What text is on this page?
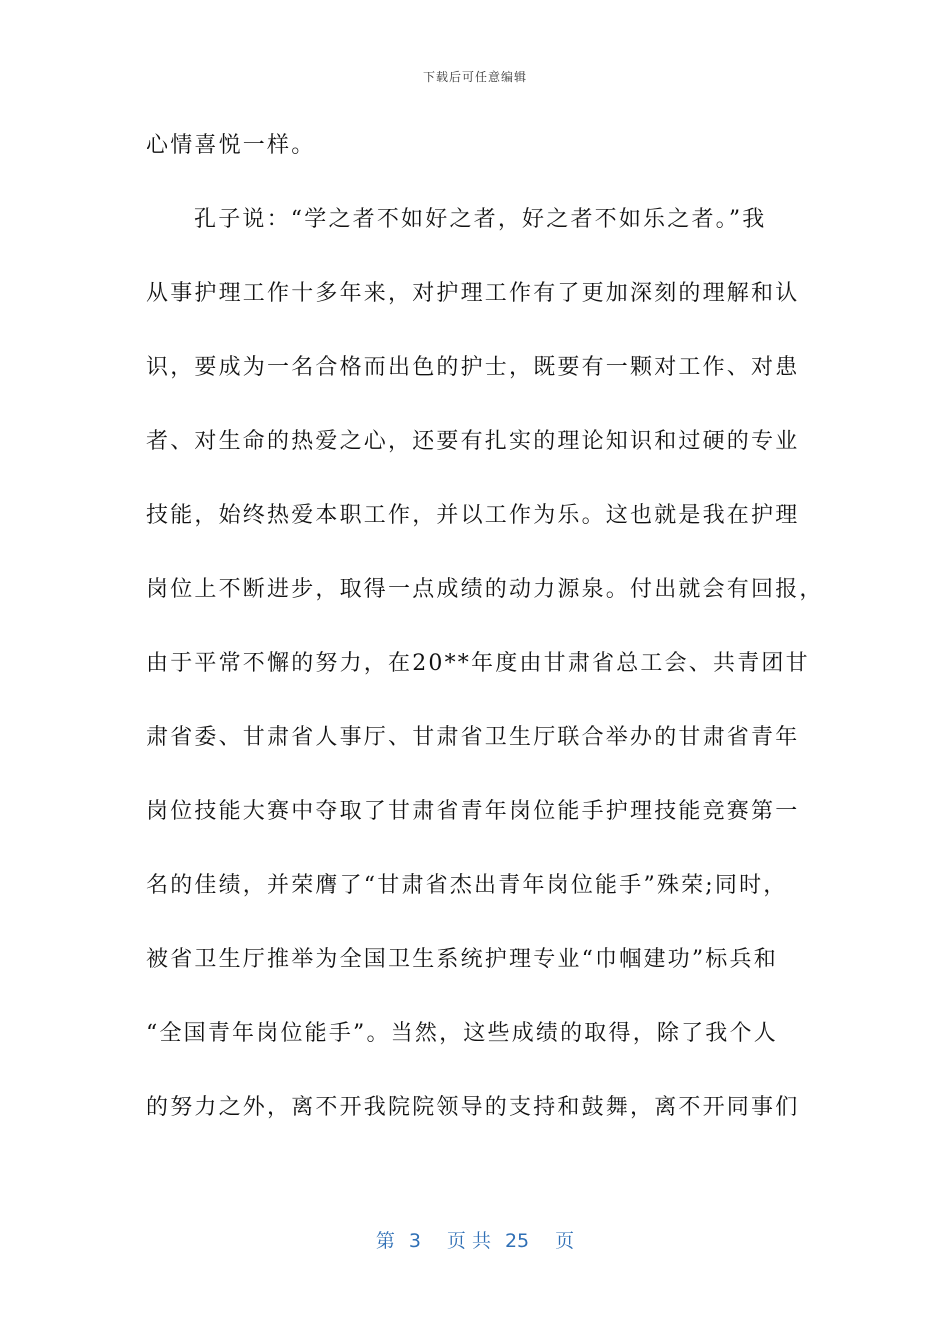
下载后可任意编辑
心情喜悦一样。
孔子说：“学之者不如好之者，好之者不如乐之者。”我
从事护理工作十多年来，对护理工作有了更加深刻的理解和认
识，要成为一名合格而出色的护士，既要有一颗对工作、对患
者、对生命的热爱之心，还要有扎实的理论知识和过硬的专业
技能，始终热爱本职工作，并以工作为乐。这也就是我在护理
岗位上不断进步，取得一点成绩的动力源泉。付出就会有回报，
由于平常不懈的努力，在20**年度由甘肃省总工会、共青团甘
肃省委、甘肃省人事厅、甘肃省卫生厅联合举办的甘肃省青年
岗位技能大赛中夺取了甘肃省青年岗位能手护理技能竞赛第一
名的佳绩，并荣膺了“甘肃省杰出青年岗位能手”殊荣;同时，
被省卫生厅推举为全国卫生系统护理专业“巾帼建功”标兵和
“全国青年岗位能手”。当然，这些成绩的取得，除了我个人
的努力之外，离不开我院院领导的支持和鼓舞，离不开同事们
第 3 页 共 25 页
